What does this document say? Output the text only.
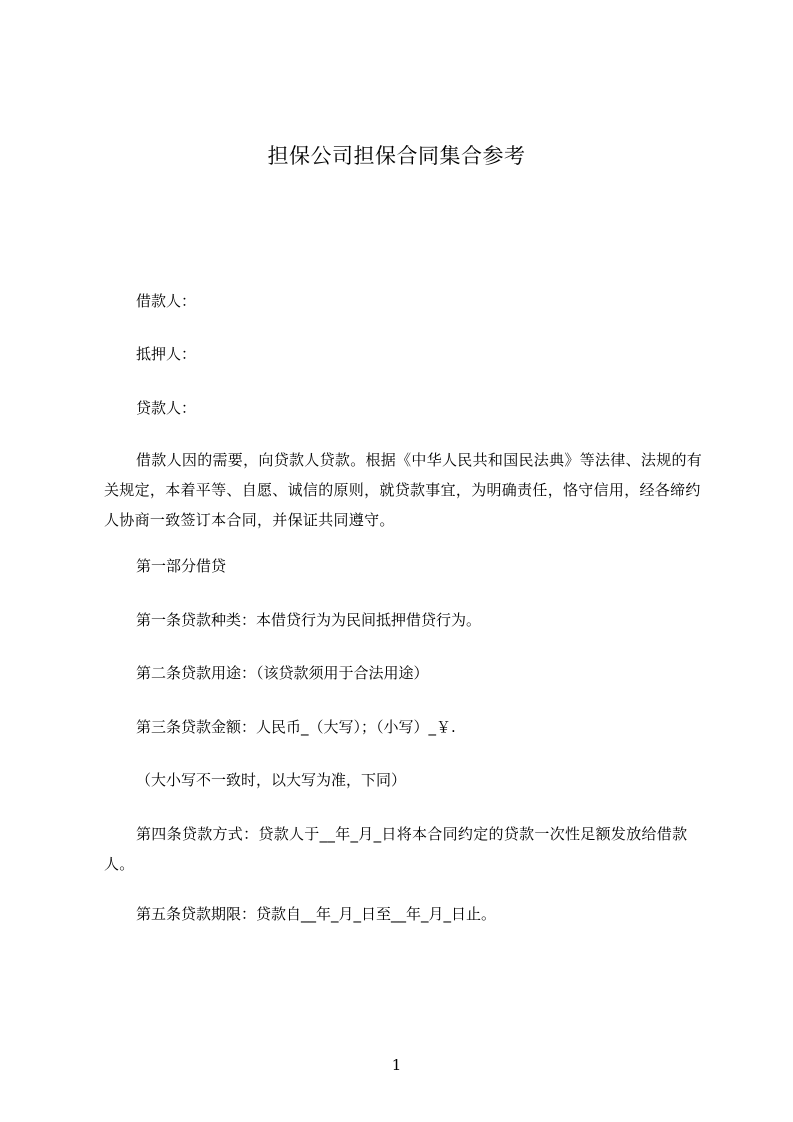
担保公司担保合同集合参考
借款人：
抵押人：
贷款人：
借款人因的需要，向贷款人贷款。根据《中华人民共和国民法典》等法律、法规的有关规定，本着平等、自愿、诚信的原则，就贷款事宜，为明确责任，恪守信用，经各缔约人协商一致签订本合同，并保证共同遵守。
第一部分借贷
第一条贷款种类：本借贷行为为民间抵押借贷行为。
第二条贷款用途：（该贷款须用于合法用途）
第三条贷款金额：人民币_（大写）；（小写）_￥.
（大小写不一致时，以大写为准，下同）
第四条贷款方式：贷款人于__年_月_日将本合同约定的贷款一次性足额发放给借款人。
第五条贷款期限：贷款自__年_月_日至__年_月_日止。
1
